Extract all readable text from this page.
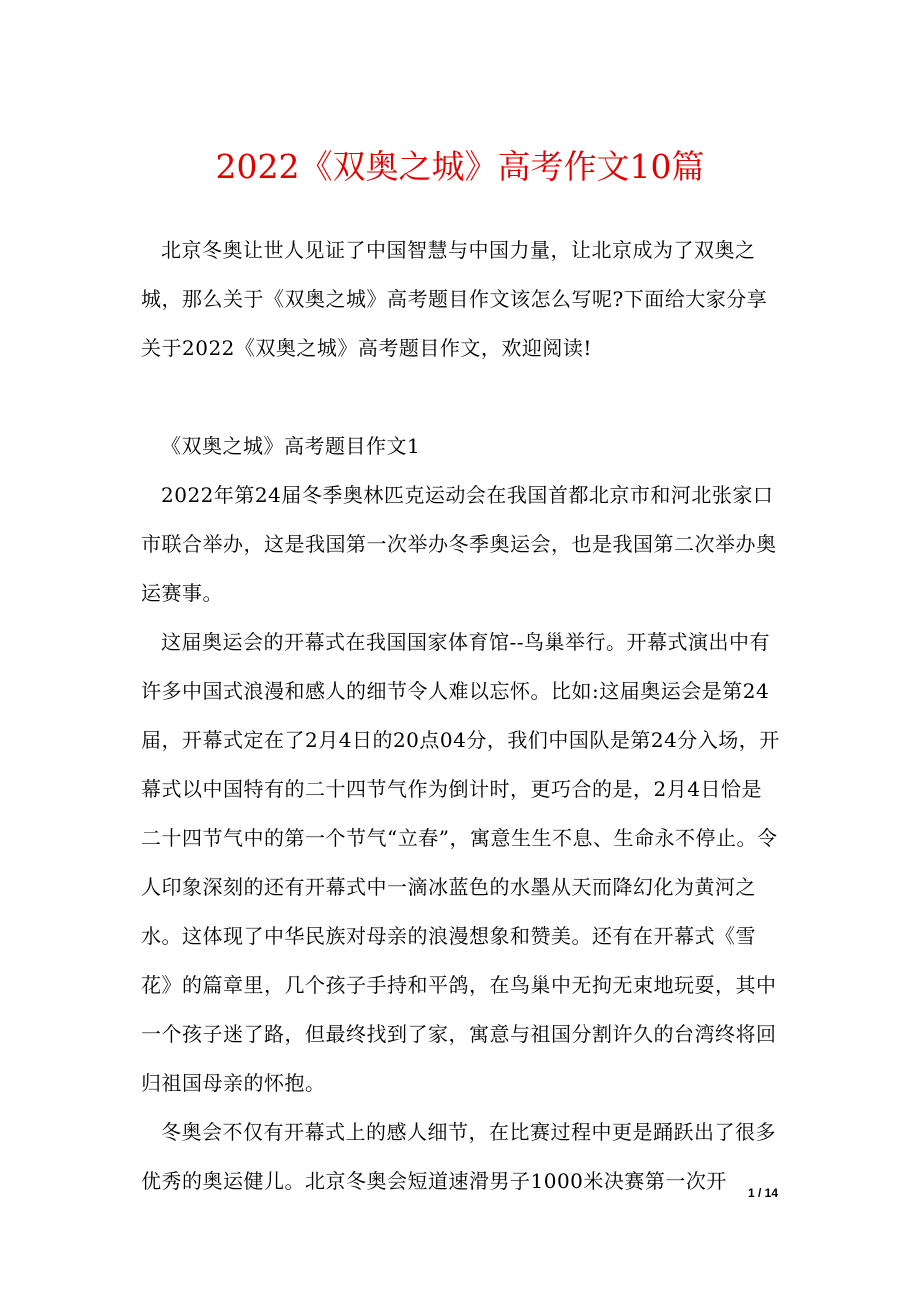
2022《双奥之城》高考作文10篇

北京冬奥让世人见证了中国智慧与中国力量，让北京成为了双奥之城，那么关于《双奥之城》高考题目作文该怎么写呢?下面给大家分享关于2022《双奥之城》高考题目作文，欢迎阅读!

《双奥之城》高考题目作文1

2022年第24届冬季奥林匹克运动会在我国首都北京市和河北张家口市联合举办，这是我国第一次举办冬季奥运会，也是我国第二次举办奥运赛事。

这届奥运会的开幕式在我国国家体育馆--鸟巢举行。开幕式演出中有许多中国式浪漫和感人的细节令人难以忘怀。比如:这届奥运会是第24届，开幕式定在了2月4日的20点04分，我们中国队是第24分入场，开幕式以中国特有的二十四节气作为倒计时，更巧合的是，2月4日恰是二十四节气中的第一个节气“立春”，寓意生生不息、生命永不停止。令人印象深刻的还有开幕式中一滴冰蓝色的水墨从天而降幻化为黄河之水。这体现了中华民族对母亲的浪漫想象和赞美。还有在开幕式《雪花》的篇章里，几个孩子手持和平鸽，在鸟巢中无拘无束地玩耍，其中一个孩子迷了路，但最终找到了家，寓意与祖国分割许久的台湾终将回归祖国母亲的怀抱。

冬奥会不仅有开幕式上的感人细节，在比赛过程中更是踊跃出了很多优秀的奥运健儿。北京冬奥会短道速滑男子1000米决赛第一次开	1 / 14
